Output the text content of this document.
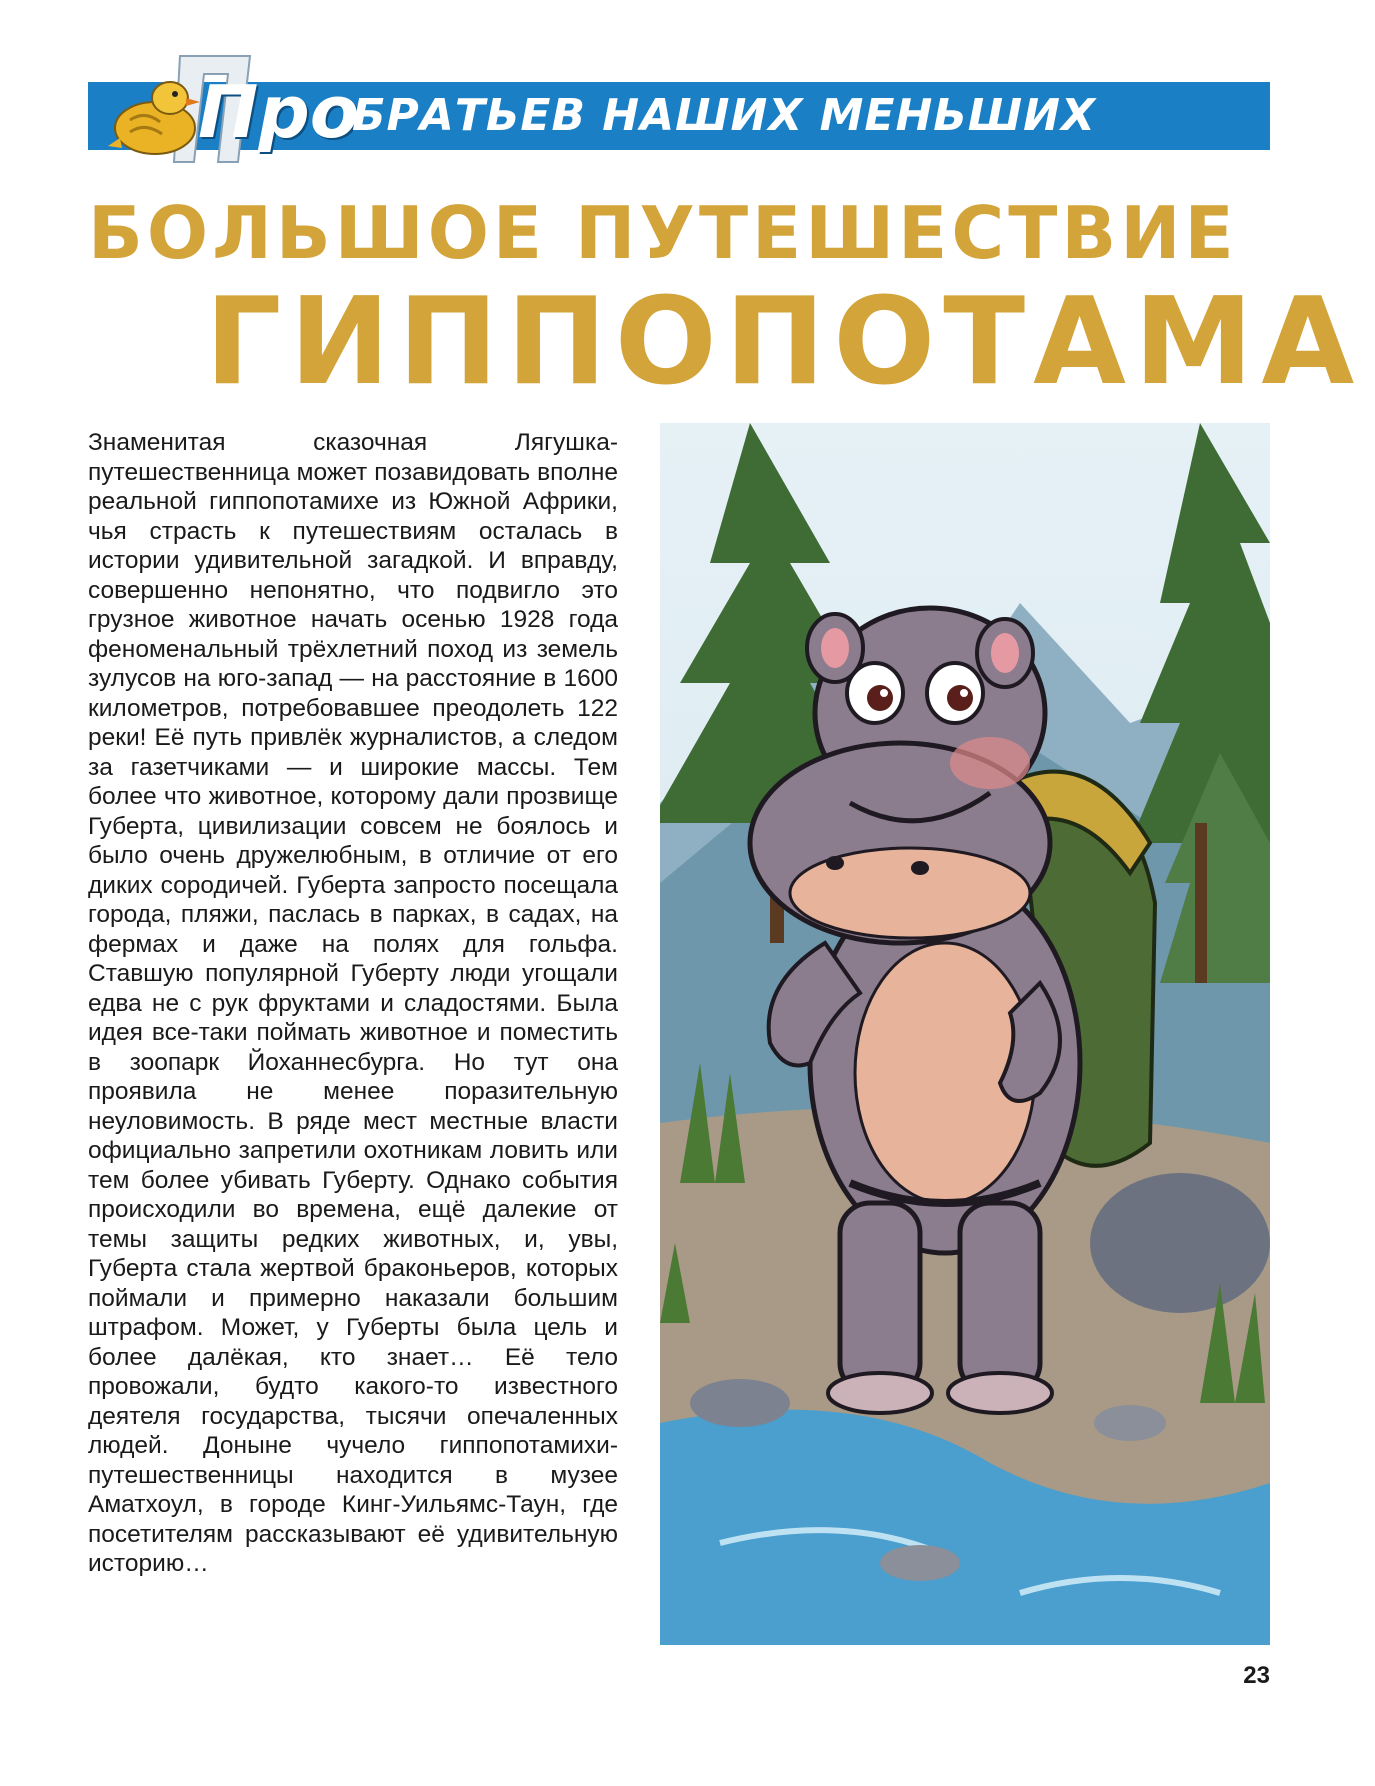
Про
БРАТЬЕВ НАШИХ МЕНЬШИХ
БОЛЬШОЕ ПУТЕШЕСТВИЕ
ГИППОПОТАМА
Знаменитая сказочная Лягушка-путешественница может позавидовать вполне реальной гиппопотамихе из Южной Африки, чья страсть к путешествиям осталась в истории удивительной загадкой. И вправду, совершенно непонятно, что подвигло это грузное животное начать осенью 1928 года феноменальный трёхлетний поход из земель зулусов на юго-запад — на расстояние в 1600 километров, потребовавшее преодолеть 122 реки! Её путь привлёк журналистов, а следом за газетчиками — и широкие массы. Тем более что животное, которому дали прозвище Губерта, цивилизации совсем не боялось и было очень дружелюбным, в отличие от его диких сородичей. Губерта запросто посещала города, пляжи, паслась в парках, в садах, на фермах и даже на полях для гольфа. Ставшую популярной Губерту люди угощали едва не с рук фруктами и сладостями. Была идея все-таки поймать животное и поместить в зоопарк Йоханнесбурга. Но тут она проявила не менее поразительную неуловимость. В ряде мест местные власти официально запретили охотникам ловить или тем более убивать Губерту. Однако события происходили во времена, ещё далекие от темы защиты редких животных, и, увы, Губерта стала жертвой браконьеров, которых поймали и примерно наказали большим штрафом. Может, у Губерты была цель и более далёкая, кто знает… Её тело провожали, будто какого-то известного деятеля государства, тысячи опечаленных людей. Доныне чучело гиппопотамихи-путешественницы находится в музее Аматхоул, в городе Кинг-Уильямс-Таун, где посетителям рассказывают её удивительную историю…
23
